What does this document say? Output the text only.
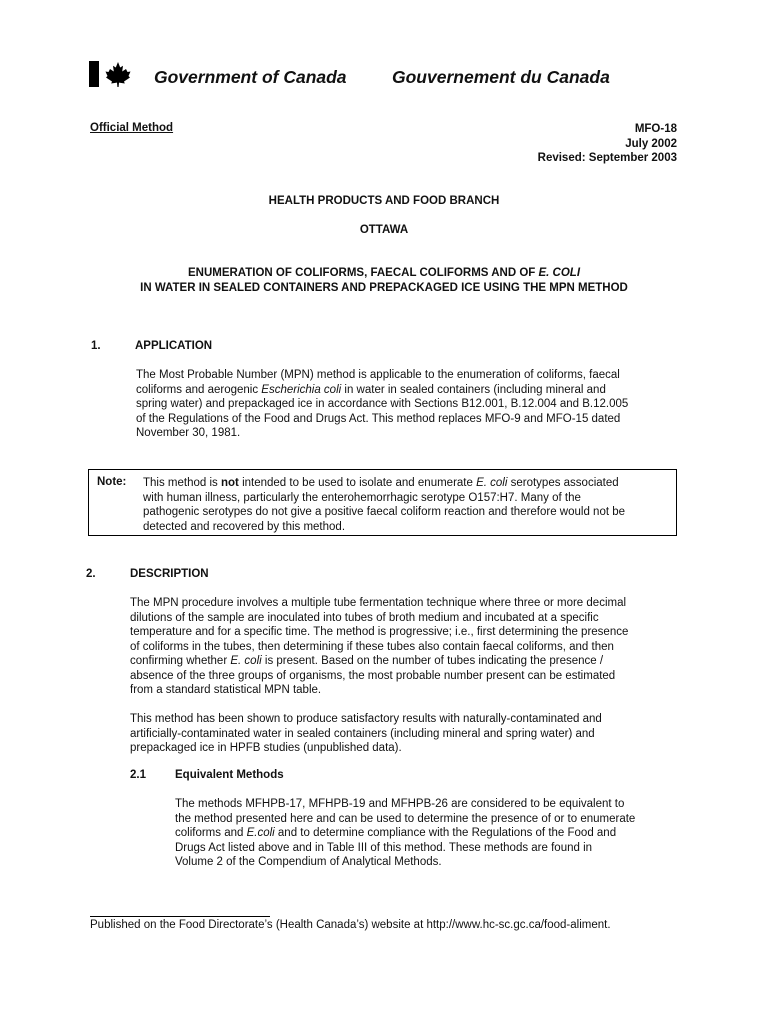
Government of Canada	Gouvernement du Canada
Official Method	MFO-18
July 2002
Revised: September 2003
HEALTH PRODUCTS AND FOOD BRANCH
OTTAWA
ENUMERATION OF COLIFORMS, FAECAL COLIFORMS AND OF E. COLI
IN WATER IN SEALED CONTAINERS AND PREPACKAGED ICE USING THE MPN METHOD
1.	APPLICATION
The Most Probable Number (MPN) method is applicable to the enumeration of coliforms, faecal
coliforms and aerogenic Escherichia coli in water in sealed containers (including mineral and
spring water) and prepackaged ice in accordance with Sections B12.001, B.12.004 and B.12.005
of the Regulations of the Food and Drugs Act. This method replaces MFO-9 and MFO-15 dated
November 30, 1981.
Note: This method is not intended to be used to isolate and enumerate E. coli serotypes associated
with human illness, particularly the enterohemorrhagic serotype O157:H7. Many of the
pathogenic serotypes do not give a positive faecal coliform reaction and therefore would not be
detected and recovered by this method.
2.	DESCRIPTION
The MPN procedure involves a multiple tube fermentation technique where three or more decimal
dilutions of the sample are inoculated into tubes of broth medium and incubated at a specific
temperature and for a specific time. The method is progressive; i.e., first determining the presence
of coliforms in the tubes, then determining if these tubes also contain faecal coliforms, and then
confirming whether E. coli is present. Based on the number of tubes indicating the presence /
absence of the three groups of organisms, the most probable number present can be estimated
from a standard statistical MPN table.
This method has been shown to produce satisfactory results with naturally-contaminated and
artificially-contaminated water in sealed containers (including mineral and spring water) and
prepackaged ice in HPFB studies (unpublished data).
2.1	Equivalent Methods
The methods MFHPB-17, MFHPB-19 and MFHPB-26 are considered to be equivalent to
the method presented here and can be used to determine the presence of or to enumerate
coliforms and E.coli and to determine compliance with the Regulations of the Food and
Drugs Act listed above and in Table III of this method. These methods are found in
Volume 2 of the Compendium of Analytical Methods.
Published on the Food Directorate’s (Health Canada’s) website at http://www.hc-sc.gc.ca/food-aliment.
